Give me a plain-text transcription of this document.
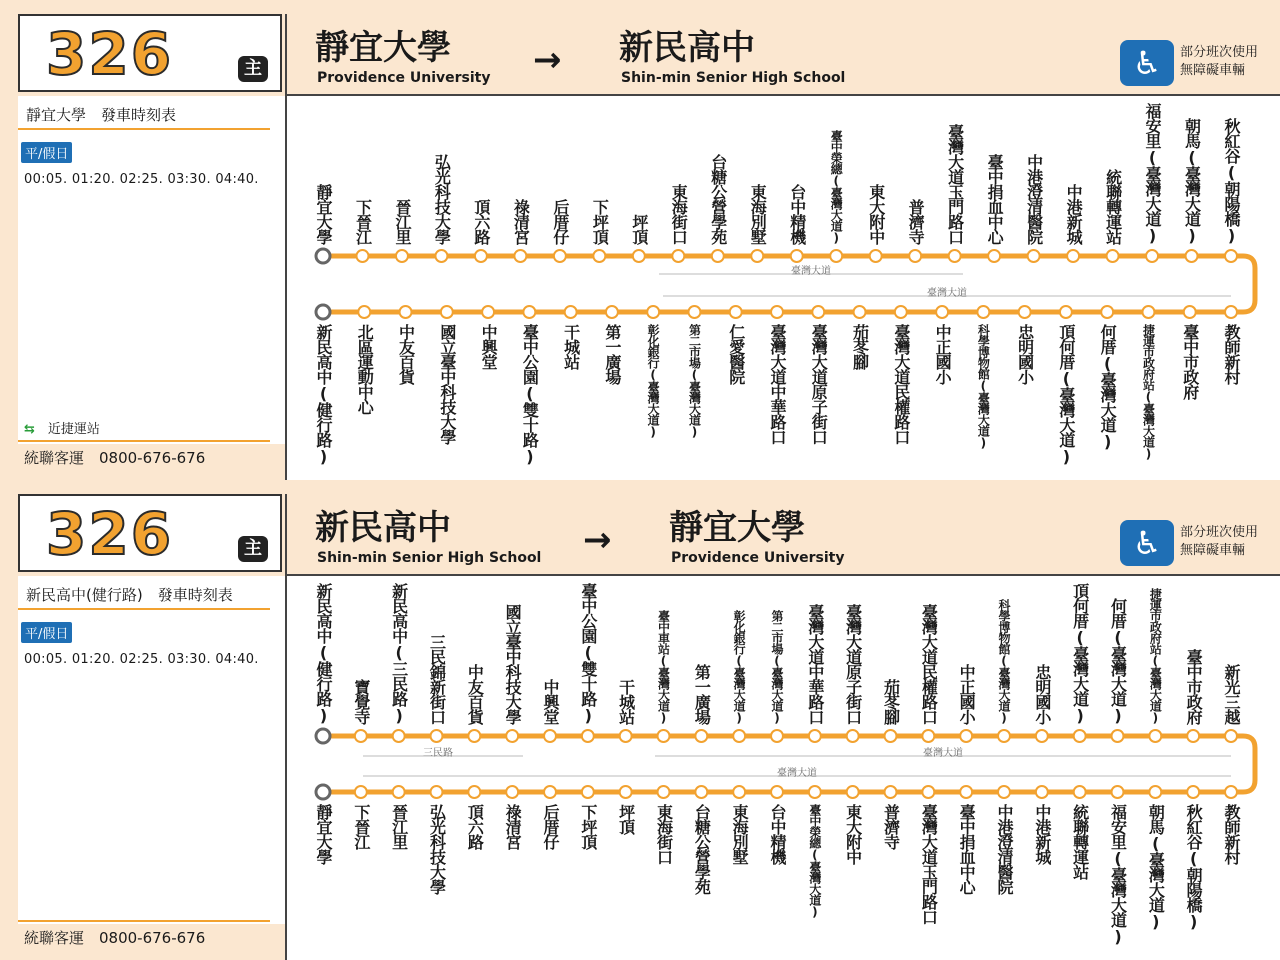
326	主
靜宜大學　發車時刻表
平/假日
00:05. 01:20. 02:25. 03:30. 04:40.
⇆　 近捷運站
統聯客運　0800-676-676
靜宜大學
Providence University → 新民高中
Shin-min Senior High School	♿	部分班次使用
無障礙車輛
臺灣大道
臺灣大道
靜宜大學 下晉江 晉江里 弘光科技大學 頂六路 祿清宮 后厝仔 下坪頂 坪頂 東海街口 台糖公營學苑 東海別墅 台中精機	臺中榮總(臺灣大道) 東大附中 普濟寺 臺灣大道玉門路口 臺中捐血中心 中港澄清醫院 中港新城 統聯轉運站 福安里(臺灣大道) 朝馬(臺灣大道) 秋紅谷(朝陽橋)
新民高中(健行路) 北區運動中心 中友百貨 國立臺中科技大學 中興堂 臺中公園(雙十路) 干城站 第一廣場	彰化銀行(臺灣大道)	第二市場(臺灣大道) 仁愛醫院 臺灣大道中華路口 臺灣大道原子街口 茄苳腳 臺灣大道民權路口 中正國小	科學博物館(臺灣大道) 忠明國小 頂何厝(臺灣大道) 何厝(臺灣大道)	捷運市政府站(臺灣大道) 臺中市政府 教師新村
326	主
新民高中(健行路)　發車時刻表
平/假日
00:05. 01:20. 02:25. 03:30. 04:40.
統聯客運　0800-676-676
新民高中
Shin-min Senior High School → 靜宜大學
Providence University	♿	部分班次使用
無障礙車輛
三民路	臺灣大道
臺灣大道
新民高中(健行路) 寶覺寺 新民高中(三民路) 三民錦新街口 中友百貨 國立臺中科技大學 中興堂 臺中公園(雙十路) 干城站	臺中車站(臺灣大道) 第一廣場	彰化銀行(臺灣大道)	第二市場(臺灣大道) 臺灣大道中華路口 臺灣大道原子街口 茄苳腳 臺灣大道民權路口 中正國小	科學博物館(臺灣大道) 忠明國小 頂何厝(臺灣大道) 何厝(臺灣大道)	捷運市政府站(臺灣大道) 臺中市政府 新光三越
靜宜大學 下晉江 晉江里 弘光科技大學 頂六路 祿清宮 后厝仔 下坪頂 坪頂 東海街口 台糖公營學苑 東海別墅 台中精機	臺中榮總(臺灣大道) 東大附中 普濟寺 臺灣大道玉門路口 臺中捐血中心 中港澄清醫院 中港新城 統聯轉運站 福安里(臺灣大道) 朝馬(臺灣大道) 秋紅谷(朝陽橋) 教師新村
